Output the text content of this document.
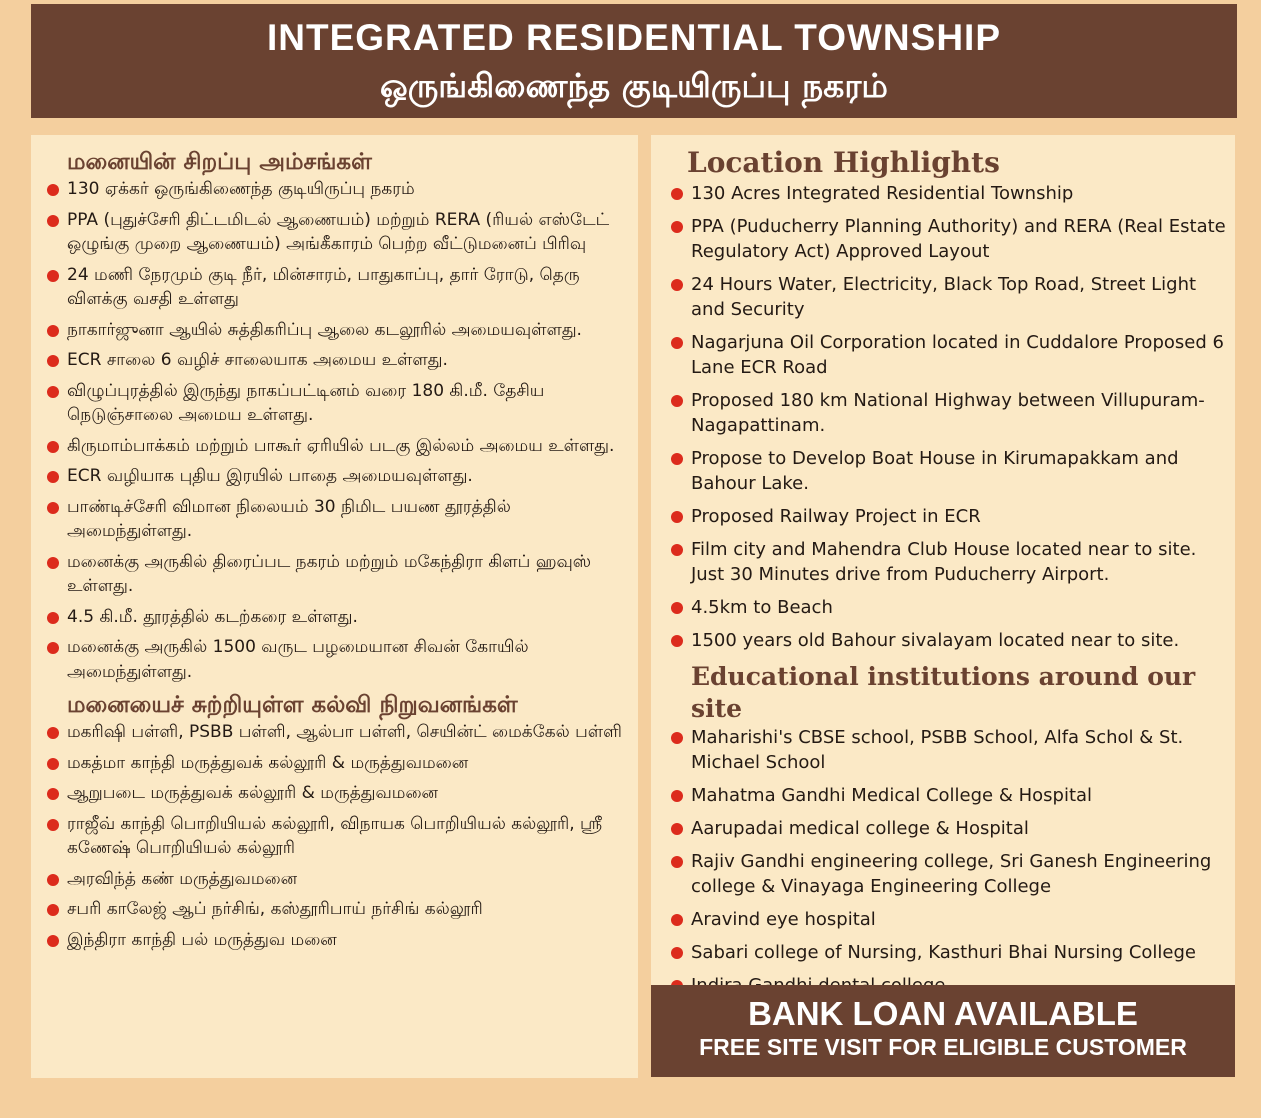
INTEGRATED RESIDENTIAL TOWNSHIP
ஒருங்கிணைந்த குடியிருப்பு நகரம்
மனையின் சிறப்பு அம்சங்கள்
130 ஏக்கர் ஒருங்கிணைந்த குடியிருப்பு நகரம்
PPA (புதுச்சேரி திட்டமிடல் ஆணையம்) மற்றும் RERA (ரியல் எஸ்டேட் ஒழுங்கு முறை ஆணையம்) அங்கீகாரம் பெற்ற வீட்டுமனைப் பிரிவு
24 மணி நேரமும் குடி நீர், மின்சாரம், பாதுகாப்பு, தார் ரோடு, தெரு விளக்கு வசதி உள்ளது
நாகார்ஜுனா ஆயில் சுத்திகரிப்பு ஆலை கடலூரில் அமையவுள்ளது.
ECR சாலை 6 வழிச் சாலையாக அமைய உள்ளது.
விழுப்புரத்தில் இருந்து நாகப்பட்டினம் வரை 180 கி.மீ. தேசிய நெடுஞ்சாலை அமைய உள்ளது.
கிருமாம்பாக்கம் மற்றும் பாகூர் ஏரியில் படகு இல்லம் அமைய உள்ளது.
ECR வழியாக புதிய இரயில் பாதை அமையவுள்ளது.
பாண்டிச்சேரி விமான நிலையம் 30 நிமிட பயண தூரத்தில் அமைந்துள்ளது.
மனைக்கு அருகில் திரைப்பட நகரம் மற்றும் மகேந்திரா கிளப் ஹவுஸ் உள்ளது.
4.5 கி.மீ. தூரத்தில் கடற்கரை உள்ளது.
மனைக்கு அருகில் 1500 வருட பழமையான சிவன் கோயில் அமைந்துள்ளது.
மனையைச் சுற்றியுள்ள கல்வி நிறுவனங்கள்
மகரிஷி பள்ளி, PSBB பள்ளி, ஆல்பா பள்ளி, செயின்ட் மைக்கேல் பள்ளி
மகத்மா காந்தி மருத்துவக் கல்லூரி & மருத்துவமனை
ஆறுபடை மருத்துவக் கல்லூரி & மருத்துவமனை
ராஜீவ் காந்தி பொறியியல் கல்லூரி, விநாயக பொறியியல் கல்லூரி, ஸ்ரீ கணேஷ் பொறியியல் கல்லூரி
அரவிந்த் கண் மருத்துவமனை
சபரி காலேஜ் ஆப் நர்சிங், கஸ்தூரிபாய் நர்சிங் கல்லூரி
இந்திரா காந்தி பல் மருத்துவ மனை
Location Highlights
130 Acres Integrated Residential Township
PPA (Puducherry Planning Authority) and RERA (Real Estate Regulatory Act) Approved Layout
24 Hours Water, Electricity, Black Top Road, Street Light and Security
Nagarjuna Oil Corporation located in Cuddalore Proposed 6 Lane ECR Road
Proposed 180 km National Highway between Villupuram-Nagapattinam.
Propose to Develop Boat House in Kirumapakkam and Bahour Lake.
Proposed Railway Project in ECR
Film city and Mahendra Club House located near to site. Just 30 Minutes drive from Puducherry Airport.
4.5km to Beach
1500 years old Bahour sivalayam located near to site.
Educational institutions around our site
Maharishi's CBSE school, PSBB School, Alfa Schol & St. Michael School
Mahatma Gandhi Medical College & Hospital
Aarupadai medical college & Hospital
Rajiv Gandhi engineering college, Sri Ganesh Engineering college & Vinayaga Engineering College
Aravind eye hospital
Sabari college of Nursing, Kasthuri Bhai Nursing College
BANK LOAN AVAILABLE
FREE SITE VISIT FOR ELIGIBLE CUSTOMER
